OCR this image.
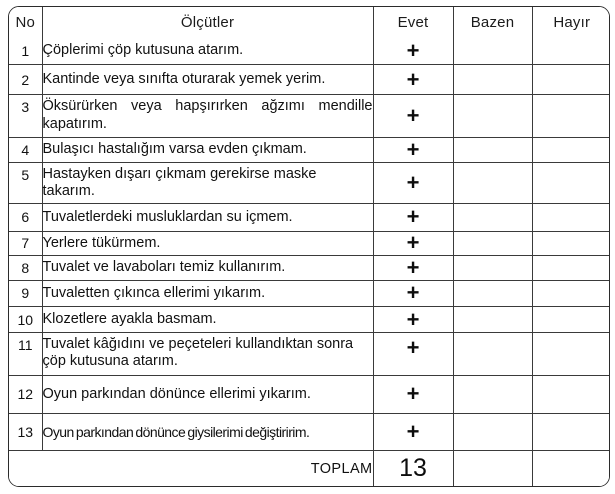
No	Ölçütler	Evet	Bazen	Hayır
1	Çöplerimi çöp kutusuna atarım.	+		
2	Kantinde veya sınıfta oturarak yemek yerim.	+		
3	Öksürürken veya hapşırırken ağzımı mendille kapatırım.	+		
4	Bulaşıcı hastalığım varsa evden çıkmam.	+		
5	Hastayken dışarı çıkmam gerekirse maske takarım.	+		
6	Tuvaletlerdeki musluklardan su içmem.	+		
7	Yerlere tükürmem.	+		
8	Tuvalet ve lavaboları temiz kullanırım.	+		
9	Tuvaletten çıkınca ellerimi yıkarım.	+		
10	Klozetlere ayakla basmam.	+		
11	Tuvalet kâğıdını ve peçeteleri kullandıktan sonra çöp kutusuna atarım.	+		
12	Oyun parkından dönünce ellerimi yıkarım.	+		
13	Oyun parkından dönünce giysilerimi değiştiririm.	+		
TOPLAM		13		
